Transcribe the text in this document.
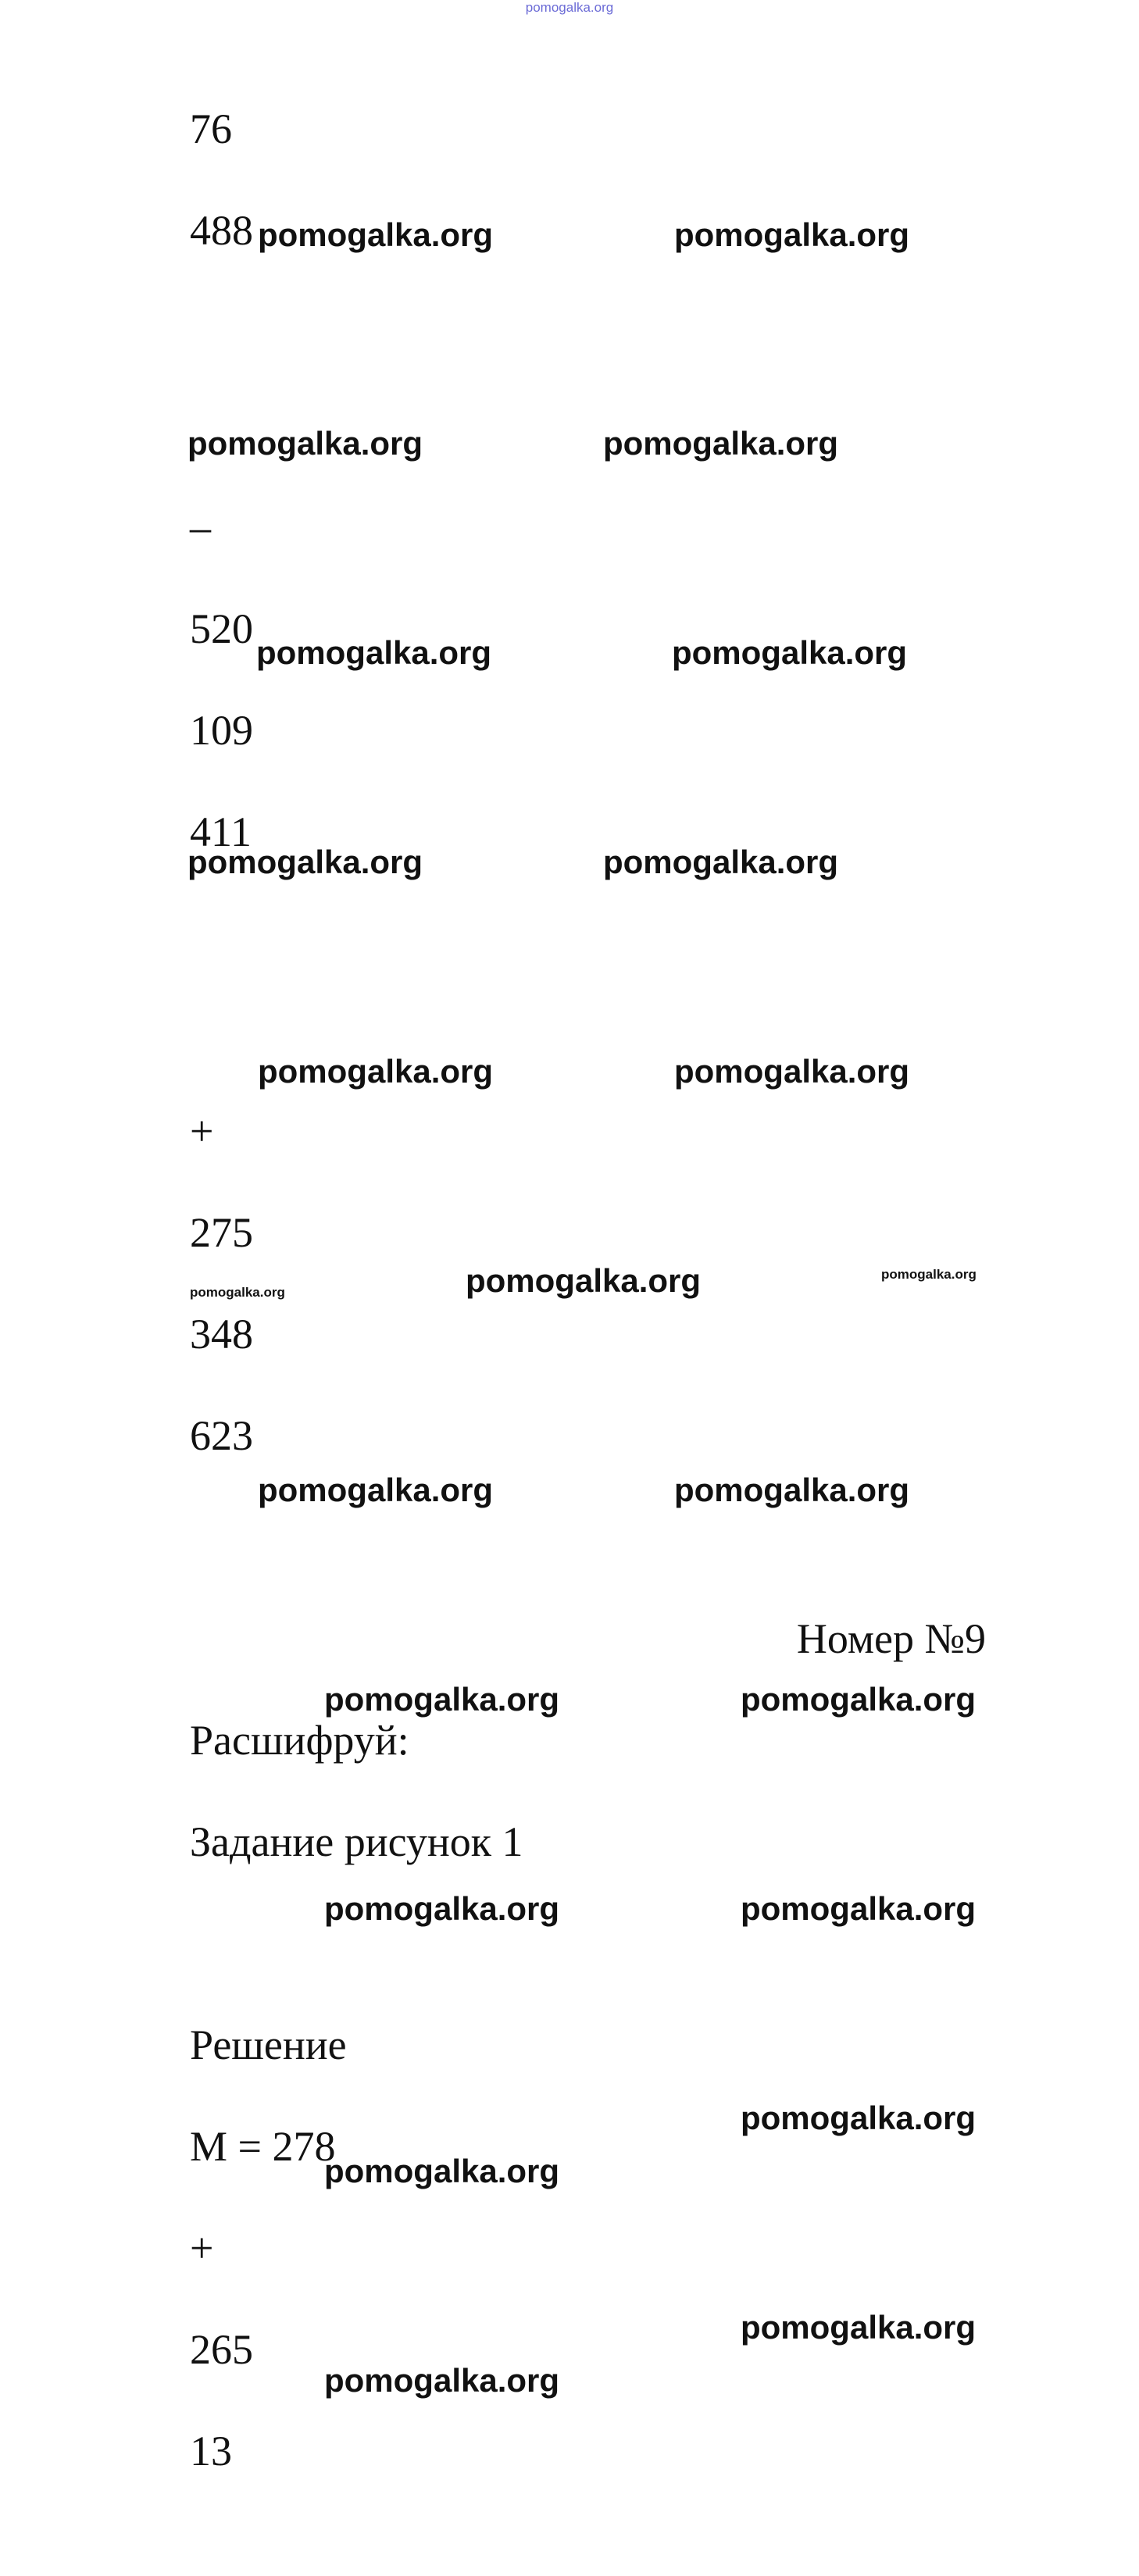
pomogalka.org
76
488
–
520
109
411
+
275
348
623
Номер №9
Расшифруй:
Задание рисунок 1
Решение
М = 278
+
265
13
pomogalka.org	pomogalka.org
pomogalka.org	pomogalka.org
pomogalka.org	pomogalka.org
pomogalka.org	pomogalka.org
pomogalka.org	pomogalka.org
pomogalka.org	pomogalka.org	pomogalka.org
pomogalka.org	pomogalka.org
pomogalka.org	pomogalka.org
pomogalka.org	pomogalka.org
pomogalka.org
pomogalka.org
pomogalka.org
pomogalka.org
